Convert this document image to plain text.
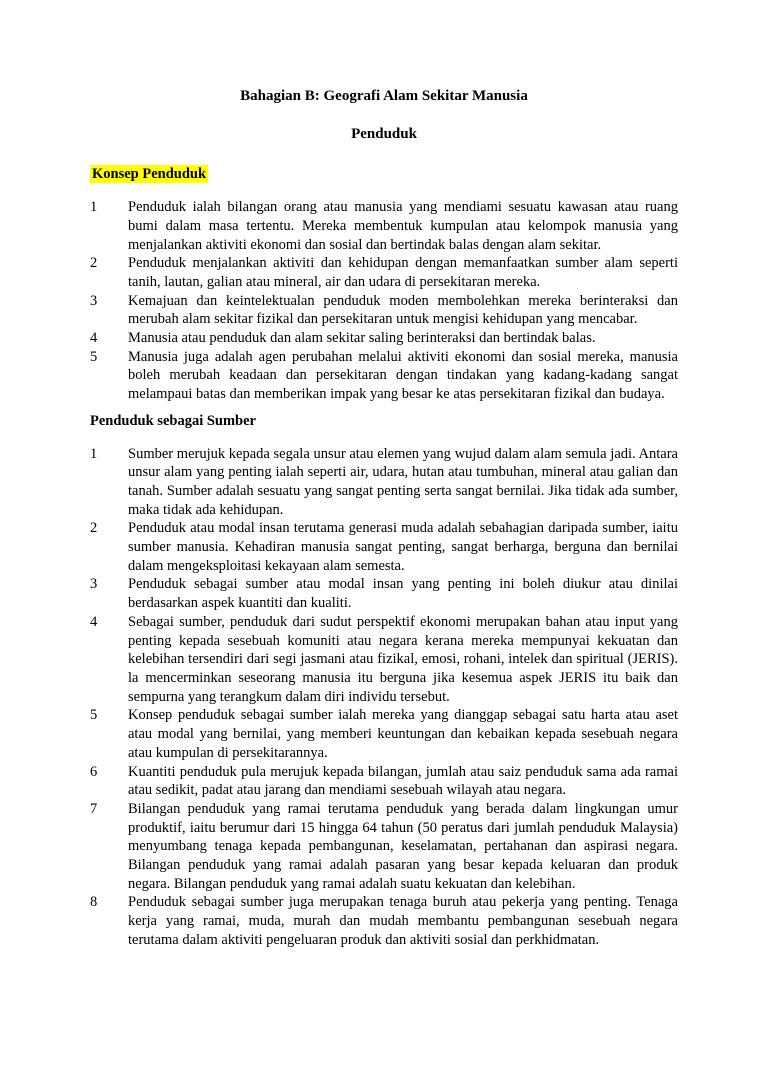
Bahagian B: Geografi Alam Sekitar Manusia
Penduduk
Konsep Penduduk
1	Penduduk ialah bilangan orang atau manusia yang mendiami sesuatu kawasan atau ruang bumi dalam masa tertentu. Mereka membentuk kumpulan atau kelompok manusia yang menjalankan aktiviti ekonomi dan sosial dan bertindak balas dengan alam sekitar.
2	Penduduk menjalankan aktiviti dan kehidupan dengan memanfaatkan sumber alam seperti tanih, lautan, galian atau mineral, air dan udara di persekitaran mereka.
3	Kemajuan dan keintelektualan penduduk moden membolehkan mereka berinteraksi dan merubah alam sekitar fizikal dan persekitaran untuk mengisi kehidupan yang mencabar.
4	Manusia atau penduduk dan alam sekitar saling berinteraksi dan bertindak balas.
5	Manusia juga adalah agen perubahan melalui aktiviti ekonomi dan sosial mereka, manusia boleh merubah keadaan dan persekitaran dengan tindakan yang kadang-kadang sangat melampaui batas dan memberikan impak yang besar ke atas persekitaran fizikal dan budaya.
Penduduk sebagai Sumber
1	Sumber merujuk kepada segala unsur atau elemen yang wujud dalam alam semula jadi. Antara unsur alam yang penting ialah seperti air, udara, hutan atau tumbuhan, mineral atau galian dan tanah. Sumber adalah sesuatu yang sangat penting serta sangat bernilai. Jika tidak ada sumber, maka tidak ada kehidupan.
2	Penduduk atau modal insan terutama generasi muda adalah sebahagian daripada sumber, iaitu sumber manusia. Kehadiran manusia sangat penting, sangat berharga, berguna dan bernilai dalam mengeksploitasi kekayaan alam semesta.
3	Penduduk sebagai sumber atau modal insan yang penting ini boleh diukur atau dinilai berdasarkan aspek kuantiti dan kualiti.
4	Sebagai sumber, penduduk dari sudut perspektif ekonomi merupakan bahan atau input yang penting kepada sesebuah komuniti atau negara kerana mereka mempunyai kekuatan dan kelebihan tersendiri dari segi jasmani atau fizikal, emosi, rohani, intelek dan spiritual (JERIS). la mencerminkan seseorang manusia itu berguna jika kesemua aspek JERIS itu baik dan sempurna yang terangkum dalam diri individu tersebut.
5	Konsep penduduk sebagai sumber ialah mereka yang dianggap sebagai satu harta atau aset atau modal yang bernilai, yang memberi keuntungan dan kebaikan kepada sesebuah negara atau kumpulan di persekitarannya.
6	Kuantiti penduduk pula merujuk kepada bilangan, jumlah atau saiz penduduk sama ada ramai atau sedikit, padat atau jarang dan mendiami sesebuah wilayah atau negara.
7	Bilangan penduduk yang ramai terutama penduduk yang berada dalam lingkungan umur produktif, iaitu berumur dari 15 hingga 64 tahun (50 peratus dari jumlah penduduk Malaysia) menyumbang tenaga kepada pembangunan, keselamatan, pertahanan dan aspirasi negara. Bilangan penduduk yang ramai adalah pasaran yang besar kepada keluaran dan produk negara. Bilangan penduduk yang ramai adalah suatu kekuatan dan kelebihan.
8	Penduduk sebagai sumber juga merupakan tenaga buruh atau pekerja yang penting. Tenaga kerja yang ramai, muda, murah dan mudah membantu pembangunan sesebuah negara terutama dalam aktiviti pengeluaran produk dan aktiviti sosial dan perkhidmatan.
